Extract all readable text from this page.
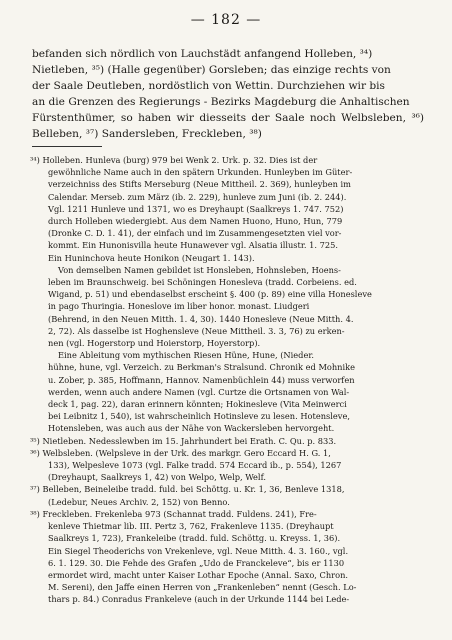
— 182 —
befanden sich nördlich von Lauchstädt anfangend Holleben, ³⁴)
Nietleben, ³⁵) (Halle gegenüber) Gorsleben; das einzige rechts von
der Saale Deutleben, nordöstlich von Wettin. Durchziehen wir bis
an die Grenzen des Regierungs - Bezirks Magdeburg die Anhaltischen
Fürstenthümer, so haben wir diesseits der Saale noch Welbsleben, ³⁶) Belleben, ³⁷) Sandersleben, Freckleben, ³⁸)
³⁴) Holleben. Hunleva (burg) 979 bei Wenk 2. Urk. p. 32. Dies ist der
gewöhnliche Name auch in den spätern Urkunden. Hunleyben im Güter-
verzeichniss des Stifts Merseburg (Neue Mittheil. 2. 369), hunleyben im
Calendar. Merseb. zum März (ib. 2. 229), hunleve zum Juni (ib. 2. 244).
Vgl. 1211 Hunleve und 1371, wo es Dreyhaupt (Saalkreys 1. 747. 752)
durch Holleben wiedergiebt. Aus dem Namen Huono, Huno, Hun, 779
(Dronke C. D. 1. 41), der einfach und im Zusammengesetzten viel vor-
kommt. Ein Hunonisvilla heute Hunawever vgl. Alsatia illustr. 1. 725.
Ein Huninchova heute Honikon (Neugart 1. 143).
Von demselben Namen gebildet ist Honsleben, Hohnsleben, Hoens-
leben im Braunschweig. bei Schöningen Honesleva (tradd. Corbeiens. ed.
Wigand, p. 51) und ebendaselbst erscheint §. 400 (p. 89) eine villa Honesleve
in pago Thuringia. Honeslove im liber honor. monast. Liudgeri
(Behrend, in den Neuen Mitth. 1. 4, 30). 1440 Honesleve (Neue Mitth. 4.
2, 72). Als dasselbe ist Hoghensleve (Neue Mittheil. 3. 3, 76) zu erken-
nen (vgl. Hogerstorp und Hoierstorp, Hoyerstorp).
Eine Ableitung vom mythischen Riesen Hüne, Hune, (Nieder.
hühne, hune, vgl. Verzeich. zu Berkman's Stralsund. Chronik ed Mohnike
u. Zober, p. 385, Hoffmann, Hannov. Namenbüchlein 44) muss verworfen
werden, wenn auch andere Namen (vgl. Curtze die Ortsnamen von Wal-
deck 1, pag. 22), daran erinnern könnten; Hokinesleve (Vita Meinwerci
bei Leibnitz 1, 540), ist wahrscheinlich Hotinsleve zu lesen. Hotensleve,
Hotensleben, was auch aus der Nähe von Wackersleben hervorgeht.
³⁵) Nietleben. Nedesslewben im 15. Jahrhundert bei Erath. C. Qu. p. 833.
³⁶) Welbsleben. (Welpsleve in der Urk. des markgr. Gero Eccard H. G. 1,
133), Welpesleve 1073 (vgl. Falke tradd. 574 Eccard ib., p. 554), 1267
(Dreyhaupt, Saalkreys 1, 42) von Welpo, Welp, Welf.
³⁷) Belleben, Beineleibe tradd. fuld. bei Schöttg. u. Kr. 1, 36, Benleve 1318,
(Ledebur, Neues Archiv. 2, 152) von Benno.
³⁸) Freckleben. Frekenleba 973 (Schannat tradd. Fuldens. 241), Fre-
kenleve Thietmar lib. III. Pertz 3, 762, Frakenleve 1135. (Dreyhaupt
Saalkreys 1, 723), Frankeleibe (tradd. fuld. Schöttg. u. Kreyss. 1, 36).
Ein Siegel Theoderichs von Vrekenleve, vgl. Neue Mitth. 4. 3. 160., vgl.
6. 1. 129. 30. Die Fehde des Grafen „Udo de Franckeleve“, bis er 1130
ermordet wird, macht unter Kaiser Lothar Epoche (Annal. Saxo, Chron.
M. Sereni), den Jaffe einen Herren von „Frankenleben“ nennt (Gesch. Lo-
thars p. 84.) Conradus Frankeleve (auch in der Urkunde 1144 bei Lede-
